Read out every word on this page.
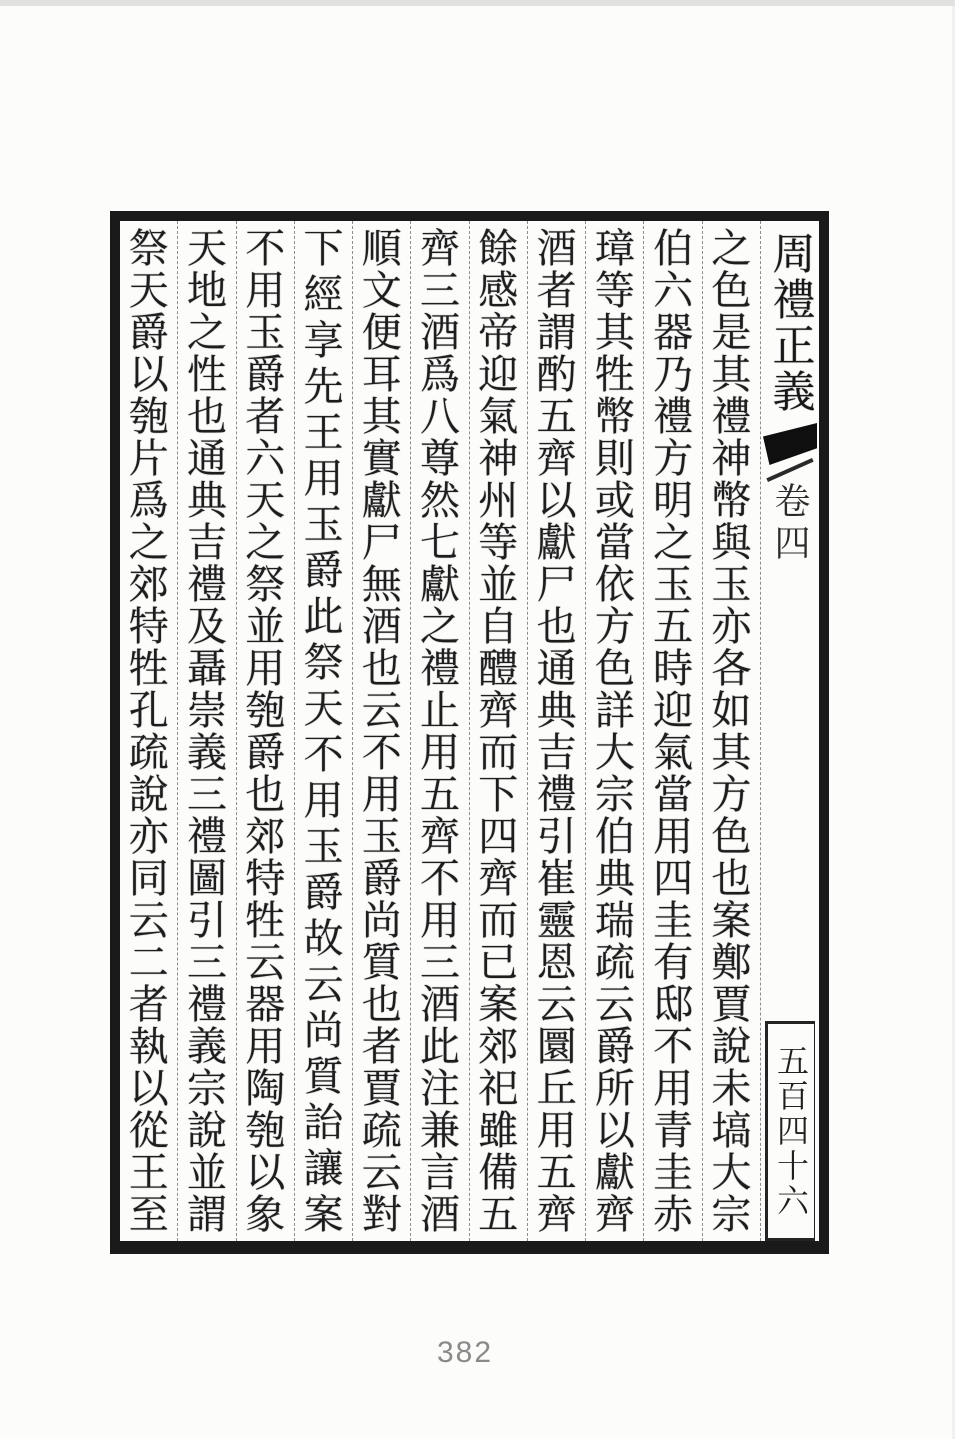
周禮正義
卷四
五百四十六
之
色
是
其
禮
神
幣
與
玉
亦
各
如
其
方
色
也
案
鄭
賈
說
未
塙
大
宗
伯
六
器
乃
禮
方
明
之
玉
五
時
迎
氣
當
用
四
圭
有
邸
不
用
青
圭
赤
璋
等
其
牲
幣
則
或
當
依
方
色
詳
大
宗
伯
典
瑞
疏
云
爵
所
以
獻
齊
酒
者
謂
酌
五
齊
以
獻
尸
也
通
典
吉
禮
引
崔
靈
恩
云
圜
丘
用
五
齊
餘
感
帝
迎
氣
神
州
等
並
自
醴
齊
而
下
四
齊
而
已
案
郊
祀
雖
備
五
齊
三
酒
爲
八
尊
然
七
獻
之
禮
止
用
五
齊
不
用
三
酒
此
注
兼
言
酒
順
文
便
耳
其
實
獻
尸
無
酒
也
云
不
用
玉
爵
尚
質
也
者
賈
疏
云
對
下
經
享
先
王
用
玉
爵
此
祭
天
不
用
玉
爵
故
云
尚
質
詒
讓
案
不
用
玉
爵
者
六
天
之
祭
並
用
匏
爵
也
郊
特
牲
云
器
用
陶
匏
以
象
天
地
之
性
也
通
典
吉
禮
及
聶
崇
義
三
禮
圖
引
三
禮
義
宗
說
並
謂
祭
天
爵
以
匏
片
爲
之
郊
特
牲
孔
疏
說
亦
同
云
二
者
執
以
從
王
至
382
